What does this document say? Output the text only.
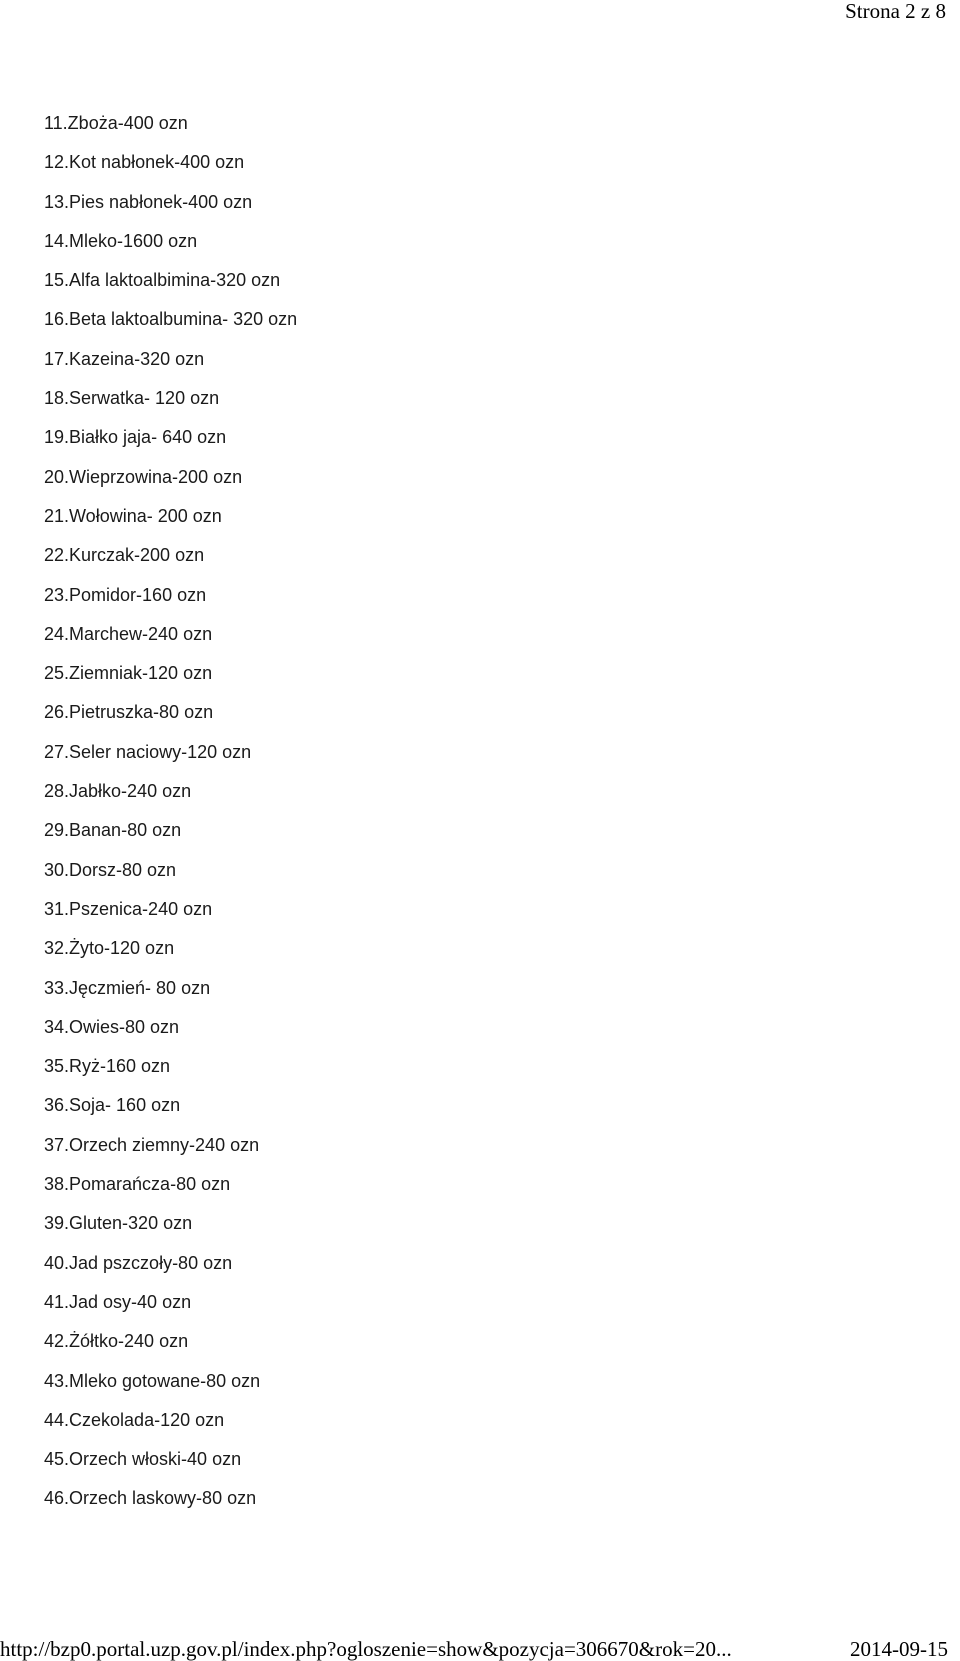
Strona 2 z 8
11.Zboża-400 ozn
12.Kot nabłonek-400 ozn
13.Pies nabłonek-400 ozn
14.Mleko-1600 ozn
15.Alfa laktoalbimina-320 ozn
16.Beta laktoalbumina- 320 ozn
17.Kazeina-320 ozn
18.Serwatka- 120 ozn
19.Białko jaja- 640 ozn
20.Wieprzowina-200 ozn
21.Wołowina- 200 ozn
22.Kurczak-200 ozn
23.Pomidor-160 ozn
24.Marchew-240 ozn
25.Ziemniak-120 ozn
26.Pietruszka-80 ozn
27.Seler naciowy-120 ozn
28.Jabłko-240 ozn
29.Banan-80 ozn
30.Dorsz-80 ozn
31.Pszenica-240 ozn
32.Żyto-120 ozn
33.Jęczmień- 80 ozn
34.Owies-80 ozn
35.Ryż-160 ozn
36.Soja- 160 ozn
37.Orzech ziemny-240 ozn
38.Pomarańcza-80 ozn
39.Gluten-320 ozn
40.Jad pszczoły-80 ozn
41.Jad osy-40 ozn
42.Żółtko-240 ozn
43.Mleko gotowane-80 ozn
44.Czekolada-120 ozn
45.Orzech włoski-40 ozn
46.Orzech laskowy-80 ozn
http://bzp0.portal.uzp.gov.pl/index.php?ogloszenie=show&pozycja=306670&rok=20...	2014-09-15
